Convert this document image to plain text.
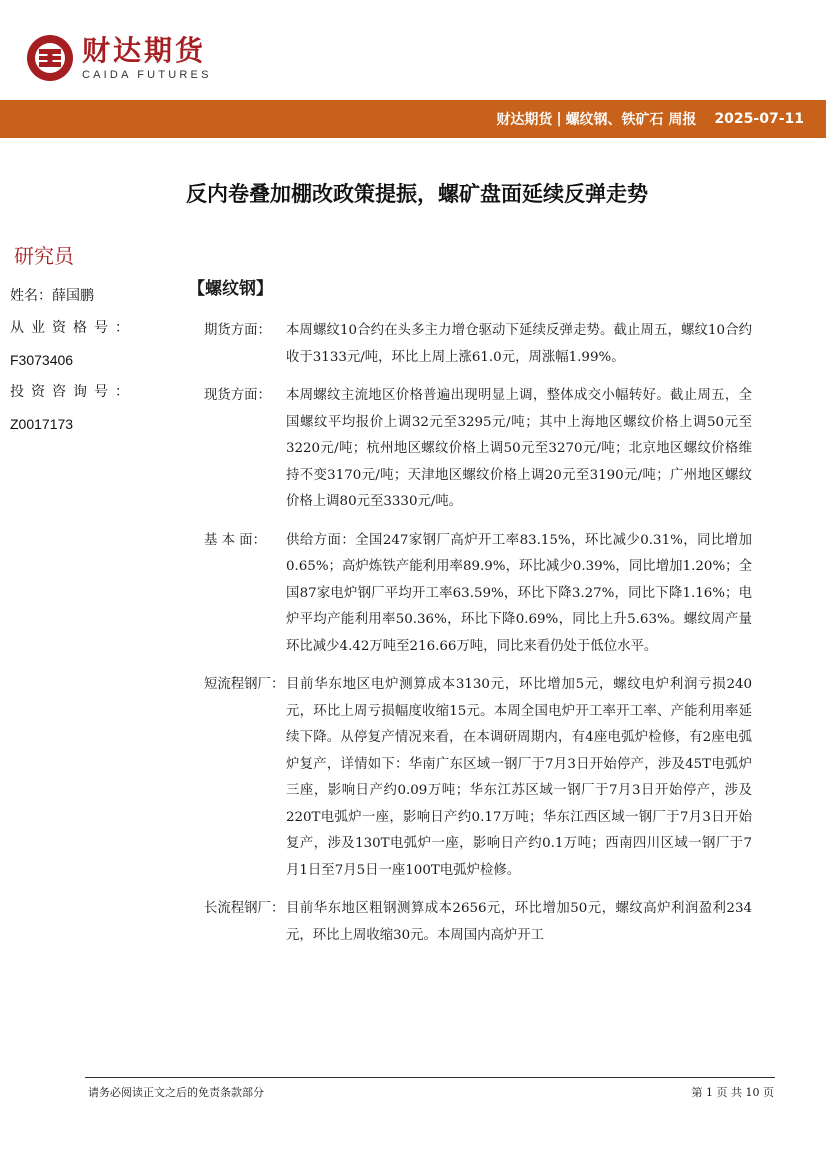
财达期货
CAIDA FUTURES
财达期货 | 螺纹钢、铁矿石 周报 2025-07-11
反内卷叠加棚改政策提振，螺矿盘面延续反弹走势
研究员
姓名：薛国鹏
从业资格号：
F3073406
投资咨询号：
Z0017173
【螺纹钢】
期货方面：	本周螺纹10合约在头多主力增仓驱动下延续反弹走势。截止周五，螺纹10合约收于3133元/吨，环比上周上涨61.0元，周涨幅1.99%。
现货方面：	本周螺纹主流地区价格普遍出现明显上调，整体成交小幅转好。截止周五，全国螺纹平均报价上调32元至3295元/吨；其中上海地区螺纹价格上调50元至3220元/吨；杭州地区螺纹价格上调50元至3270元/吨；北京地区螺纹价格维持不变3170元/吨；天津地区螺纹价格上调20元至3190元/吨；广州地区螺纹价格上调80元至3330元/吨。
基 本 面：	供给方面：全国247家钢厂高炉开工率83.15%，环比减少0.31%，同比增加0.65%；高炉炼铁产能利用率89.9%，环比减少0.39%，同比增加1.20%；全国87家电炉钢厂平均开工率63.59%，环比下降3.27%，同比下降1.16%；电炉平均产能利用率50.36%，环比下降0.69%，同比上升5.63%。螺纹周产量环比减少4.42万吨至216.66万吨，同比来看仍处于低位水平。
短流程钢厂： 目前华东地区电炉测算成本3130元，环比增加5元，螺纹电炉利润亏损240元，环比上周亏损幅度收缩15元。本周全国电炉开工率开工率、产能利用率延续下降。从停复产情况来看，在本调研周期内，有4座电弧炉检修，有2座电弧炉复产，详情如下：华南广东区域一钢厂于7月3日开始停产，涉及45T电弧炉三座，影响日产约0.09万吨；华东江苏区域一钢厂于7月3日开始停产，涉及220T电弧炉一座，影响日产约0.17万吨；华东江西区域一钢厂于7月3日开始复产，涉及130T电弧炉一座，影响日产约0.1万吨；西南四川区域一钢厂于7月1日至7月5日一座100T电弧炉检修。
长流程钢厂： 目前华东地区粗钢测算成本2656元，环比增加50元，螺纹高炉利润盈利234元，环比上周收缩30元。本周国内高炉开工
请务必阅读正文之后的免责条款部分	第 1 页 共 10 页
